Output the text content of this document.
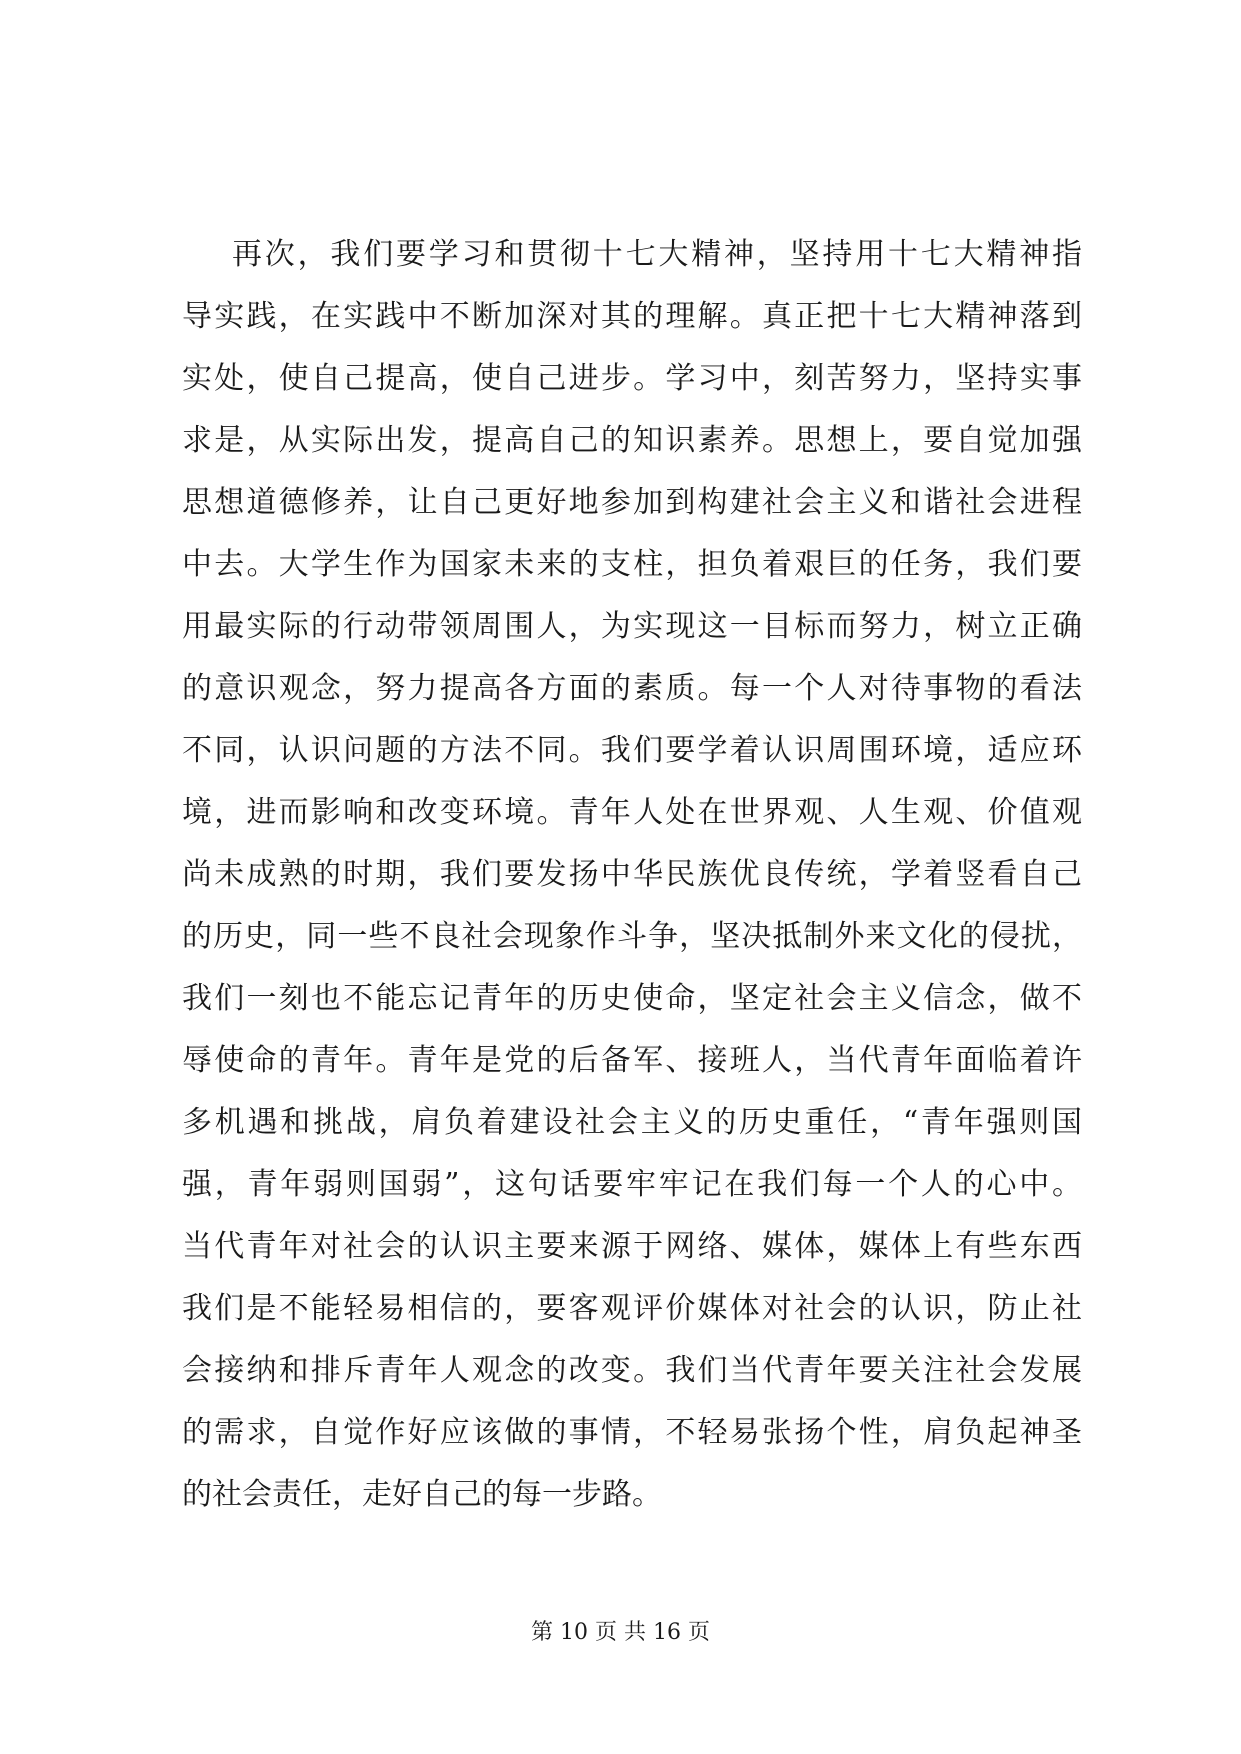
再次，我们要学习和贯彻十七大精神，坚持用十七大精神指
导实践，在实践中不断加深对其的理解。真正把十七大精神落到
实处，使自己提高，使自己进步。学习中，刻苦努力，坚持实事
求是，从实际出发，提高自己的知识素养。思想上，要自觉加强
思想道德修养，让自己更好地参加到构建社会主义和谐社会进程
中去。大学生作为国家未来的支柱，担负着艰巨的任务，我们要
用最实际的行动带领周围人，为实现这一目标而努力，树立正确
的意识观念，努力提高各方面的素质。每一个人对待事物的看法
不同，认识问题的方法不同。我们要学着认识周围环境，适应环
境，进而影响和改变环境。青年人处在世界观、人生观、价值观
尚未成熟的时期，我们要发扬中华民族优良传统，学着竖看自己
的历史，同一些不良社会现象作斗争，坚决抵制外来文化的侵扰，
我们一刻也不能忘记青年的历史使命，坚定社会主义信念，做不
辱使命的青年。青年是党的后备军、接班人，当代青年面临着许
多机遇和挑战，肩负着建设社会主义的历史重任，“青年强则国
强，青年弱则国弱”，这句话要牢牢记在我们每一个人的心中。
当代青年对社会的认识主要来源于网络、媒体，媒体上有些东西
我们是不能轻易相信的，要客观评价媒体对社会的认识，防止社
会接纳和排斥青年人观念的改变。我们当代青年要关注社会发展
的需求，自觉作好应该做的事情，不轻易张扬个性，肩负起神圣
的社会责任，走好自己的每一步路。
第 10 页 共 16 页
